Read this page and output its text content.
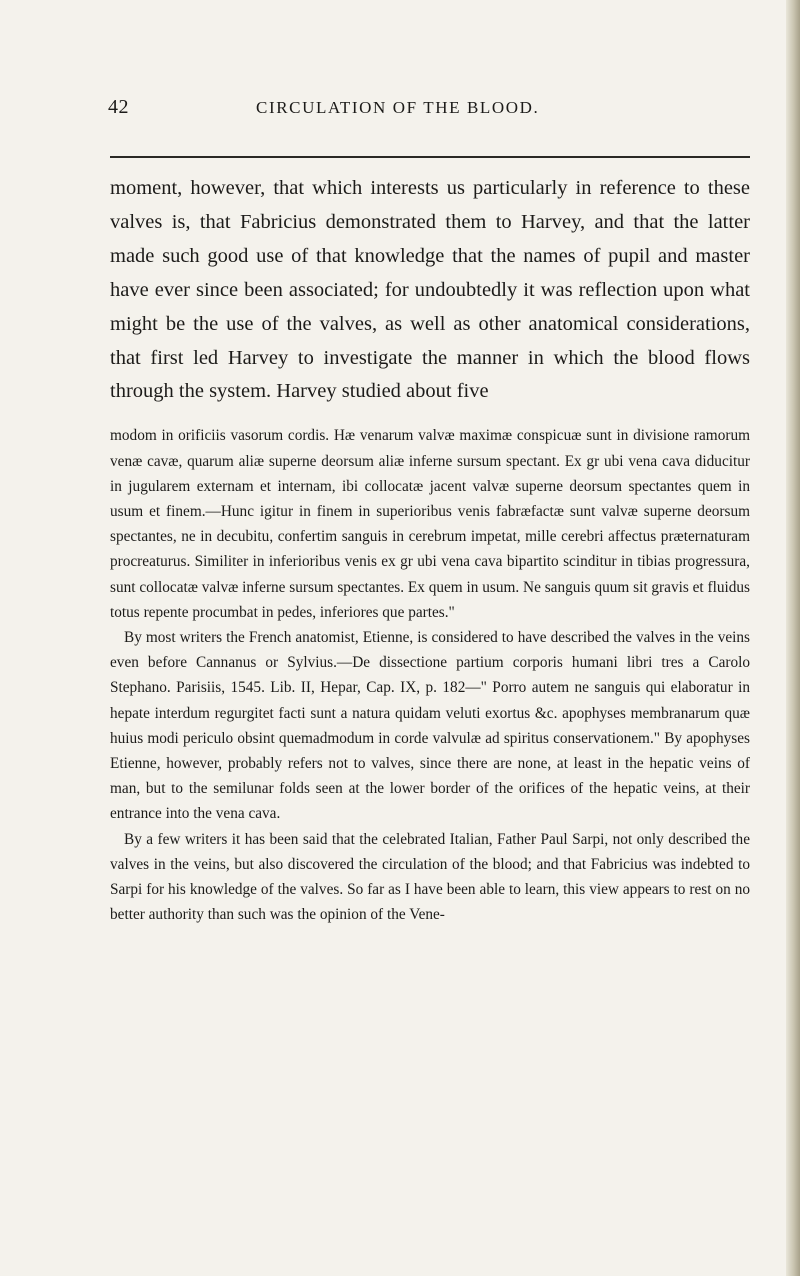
42	CIRCULATION OF THE BLOOD.

moment, however, that which interests us particularly in reference to these valves is, that Fabricius demonstrated them to Harvey, and that the latter made such good use of that knowledge that the names of pupil and master have ever since been associated; for undoubtedly it was reflection upon what might be the use of the valves, as well as other anatomical considerations, that first led Harvey to investigate the manner in which the blood flows through the system. Harvey studied about five

modom in orificiis vasorum cordis. Hæ venarum valvæ maximæ conspicuæ sunt in divisione ramorum venæ cavæ, quarum aliæ superne deorsum aliæ inferne sursum spectant. Ex gr ubi vena cava diducitur in jugularem externam et internam, ibi collocatæ jacent valvæ superne deorsum spectantes quem in usum et finem.—Hunc igitur in finem in superioribus venis fabræfactæ sunt valvæ superne deorsum spectantes, ne in decubitu, confertim sanguis in cerebrum impetat, mille cerebri affectus præternaturam procreaturus. Similiter in inferioribus venis ex gr ubi vena cava bipartito scinditur in tibias progressura, sunt collocatæ valvæ inferne sursum spectantes. Ex quem in usum. Ne sanguis quum sit gravis et fluidus totus repente procumbat in pedes, inferiores que partes."

By most writers the French anatomist, Etienne, is considered to have described the valves in the veins even before Cannanus or Sylvius.—De dissectione partium corporis humani libri tres a Carolo Stephano. Parisiis, 1545. Lib. II, Hepar, Cap. IX, p. 182—" Porro autem ne sanguis qui elaboratur in hepate interdum regurgitet facti sunt a natura quidam veluti exortus &c. apophyses membranarum quæ huius modi periculo obsint quemadmodum in corde valvulæ ad spiritus conservationem." By apophyses Etienne, however, probably refers not to valves, since there are none, at least in the hepatic veins of man, but to the semilunar folds seen at the lower border of the orifices of the hepatic veins, at their entrance into the vena cava.

By a few writers it has been said that the celebrated Italian, Father Paul Sarpi, not only described the valves in the veins, but also discovered the circulation of the blood; and that Fabricius was indebted to Sarpi for his knowledge of the valves. So far as I have been able to learn, this view appears to rest on no better authority than such was the opinion of the Vene-
